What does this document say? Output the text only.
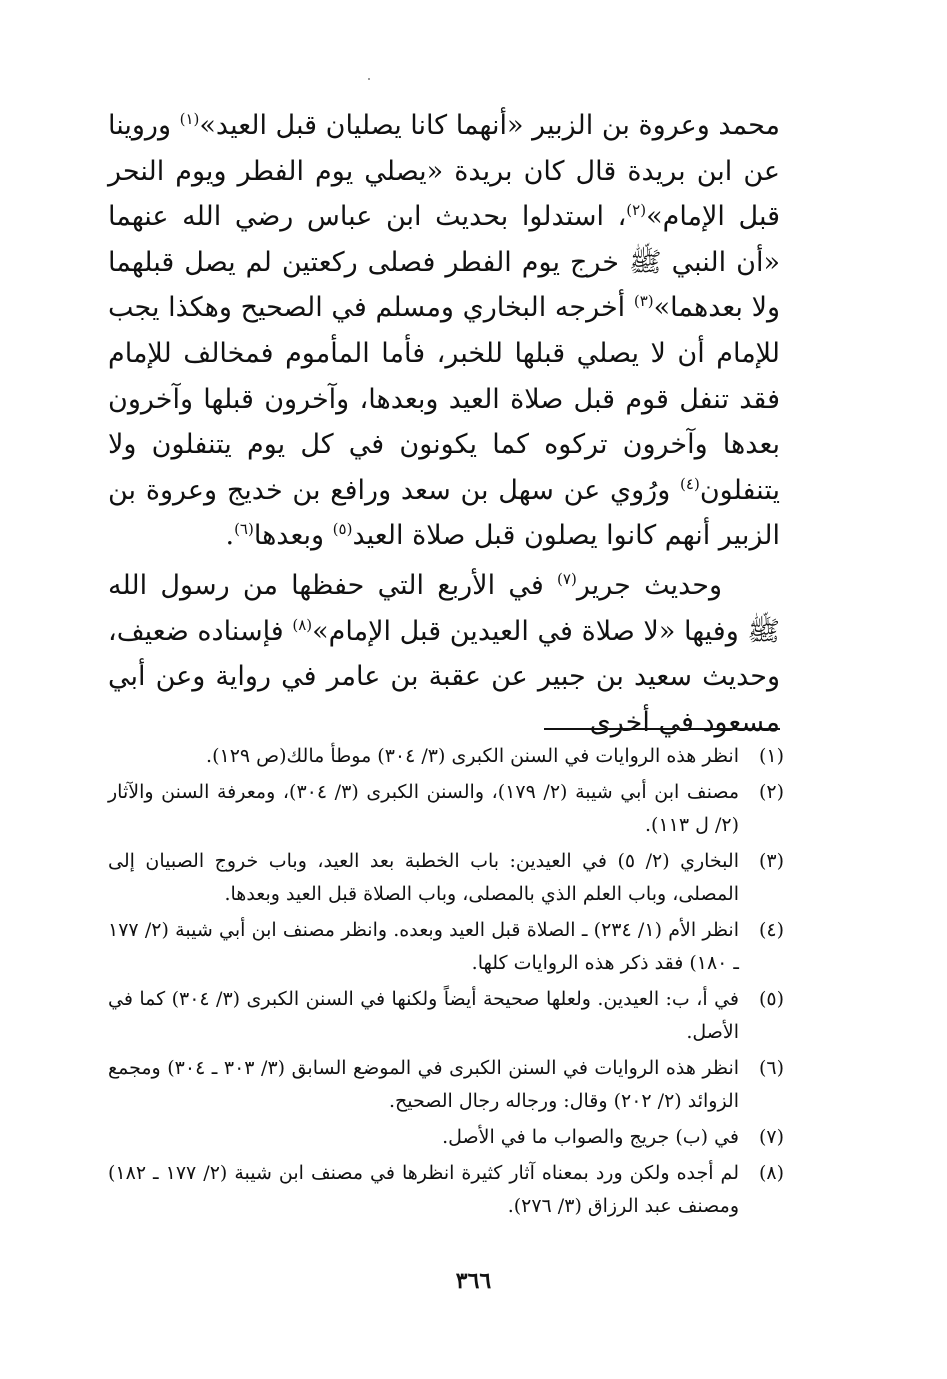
محمد وعروة بن الزبير «أنهما كانا يصليان قبل العيد»$^{(١)}$ وروينا عن ابن بريدة قال كان بريدة «يصلي يوم الفطر ويوم النحر قبل الإمام»$^{(٢)}$، استدلوا بحديث ابن عباس رضي الله عنهما «أن النبي ﷺ خرج يوم الفطر فصلى ركعتين لم يصل قبلهما ولا بعدهما»$^{(٣)}$ أخرجه البخاري ومسلم في الصحيح وهكذا يجب للإمام أن لا يصلي قبلها للخبر، فأما المأموم فمخالف للإمام فقد تنفل قوم قبل صلاة العيد وبعدها، وآخرون قبلها وآخرون بعدها وآخرون تركوه كما يكونون في كل يوم يتنفلون ولا يتنفلون$^{(٤)}$ ورُوي عن سهل بن سعد ورافع بن خديج وعروة بن الزبير أنهم كانوا يصلون قبل صلاة العيد$^{(٥)}$ وبعدها$^{(٦)}$.

وحديث جرير$^{(٧)}$ في الأربع التي حفظها من رسول الله ﷺ وفيها «لا صلاة في العيدين قبل الإمام»$^{(٨)}$ فإسناده ضعيف، وحديث سعيد بن جبير عن عقبة بن عامر في رواية وعن أبي مسعود في أخرى

(١)
انظر هذه الروايات في السنن الكبرى (٣/ ٣٠٤) موطأ مالك(ص ١٢٩).
(٢)
مصنف ابن أبي شيبة (٢/ ١٧٩)، والسنن الكبرى (٣/ ٣٠٤)، ومعرفة السنن والآثار (٢/ ل ١١٣).
(٣)
البخاري (٢/ ٥) في العيدين: باب الخطبة بعد العيد، وباب خروج الصبيان إلى المصلى، وباب العلم الذي بالمصلى، وباب الصلاة قبل العيد وبعدها.
(٤)
انظر الأم (١/ ٢٣٤) ـ الصلاة قبل العيد وبعده. وانظر مصنف ابن أبي شيبة (٢/ ١٧٧ ـ ١٨٠) فقد ذكر هذه الروايات كلها.
(٥)
في أ، ب: العيدين. ولعلها صحيحة أيضاً ولكنها في السنن الكبرى (٣/ ٣٠٤) كما في الأصل.
(٦)
انظر هذه الروايات في السنن الكبرى في الموضع السابق (٣/ ٣٠٣ ـ ٣٠٤) ومجمع الزوائد (٢/ ٢٠٢) وقال: ورجاله رجال الصحيح.
(٧)
في (ب) جريج والصواب ما في الأصل.
(٨)
لم أجده ولكن ورد بمعناه آثار كثيرة انظرها في مصنف ابن شيبة (٢/ ١٧٧ ـ ١٨٢) ومصنف عبد الرزاق (٣/ ٢٧٦).
٣٦٦
